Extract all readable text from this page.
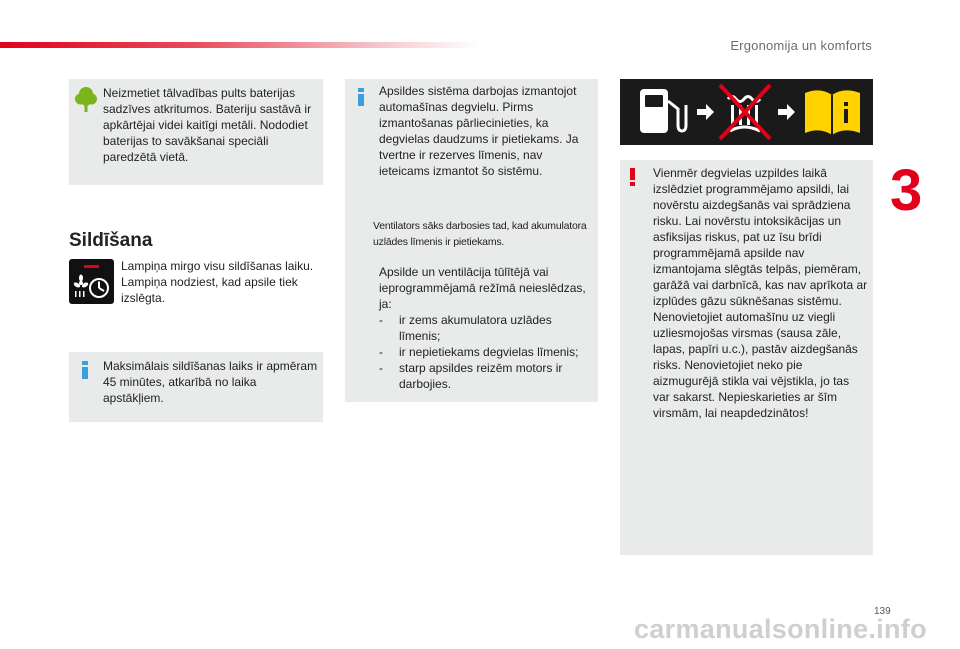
Ergonomija un komforts
3
Neizmetiet tālvadības pults baterijas sadzīves atkritumos. Bateriju sastāvā ir apkārtējai videi kaitīgi metāli. Nododiet baterijas to savākšanai speciāli paredzētā vietā.
Sildīšana
Lampiņa mirgo visu sildīšanas laiku. Lampiņa nodziest, kad apsile tiek izslēgta.
Maksimālais sildīšanas laiks ir apmēram 45 minūtes, atkarībā no laika apstākļiem.
Apsildes sistēma darbojas izmantojot automašīnas degvielu. Pirms izmantošanas pārliecinieties, ka degvielas daudzums ir pietiekams. Ja tvertne ir rezerves līmenis, nav ieteicams izmantot šo sistēmu.
Ventilators sāks darbosies tad, kad akumulatora uzlādes līmenis ir pietiekams.
Apsilde un ventilācija tūlītējā vai ieprogrammējamā režīmā neieslēdzas, ja:
- ir zems akumulatora uzlādes līmenis;
- ir nepietiekams degvielas līmenis;
- starp apsildes reizēm motors ir darbojies.
Vienmēr degvielas uzpildes laikā izslēdziet programmējamo apsildi, lai novērstu aizdegšanās vai sprādziena risku. Lai novērstu intoksikācijas un asfiksijas riskus, pat uz īsu brīdi programmējamā apsilde nav izmantojama slēgtās telpās, piemēram, garāžā vai darbnīcā, kas nav aprīkota ar izplūdes gāzu sūknēšanas sistēmu. Nenovietojiet automašīnu uz viegli uzliesmojošas virsmas (sausa zāle, lapas, papīri u.c.), pastāv aizdegšanās risks. Nenovietojiet neko pie aizmugurējā stikla vai vējstikla, jo tas var sakarst. Nepieskarieties ar šīm virsmām, lai neapdedzinātos!
139
carmanualsonline.info
